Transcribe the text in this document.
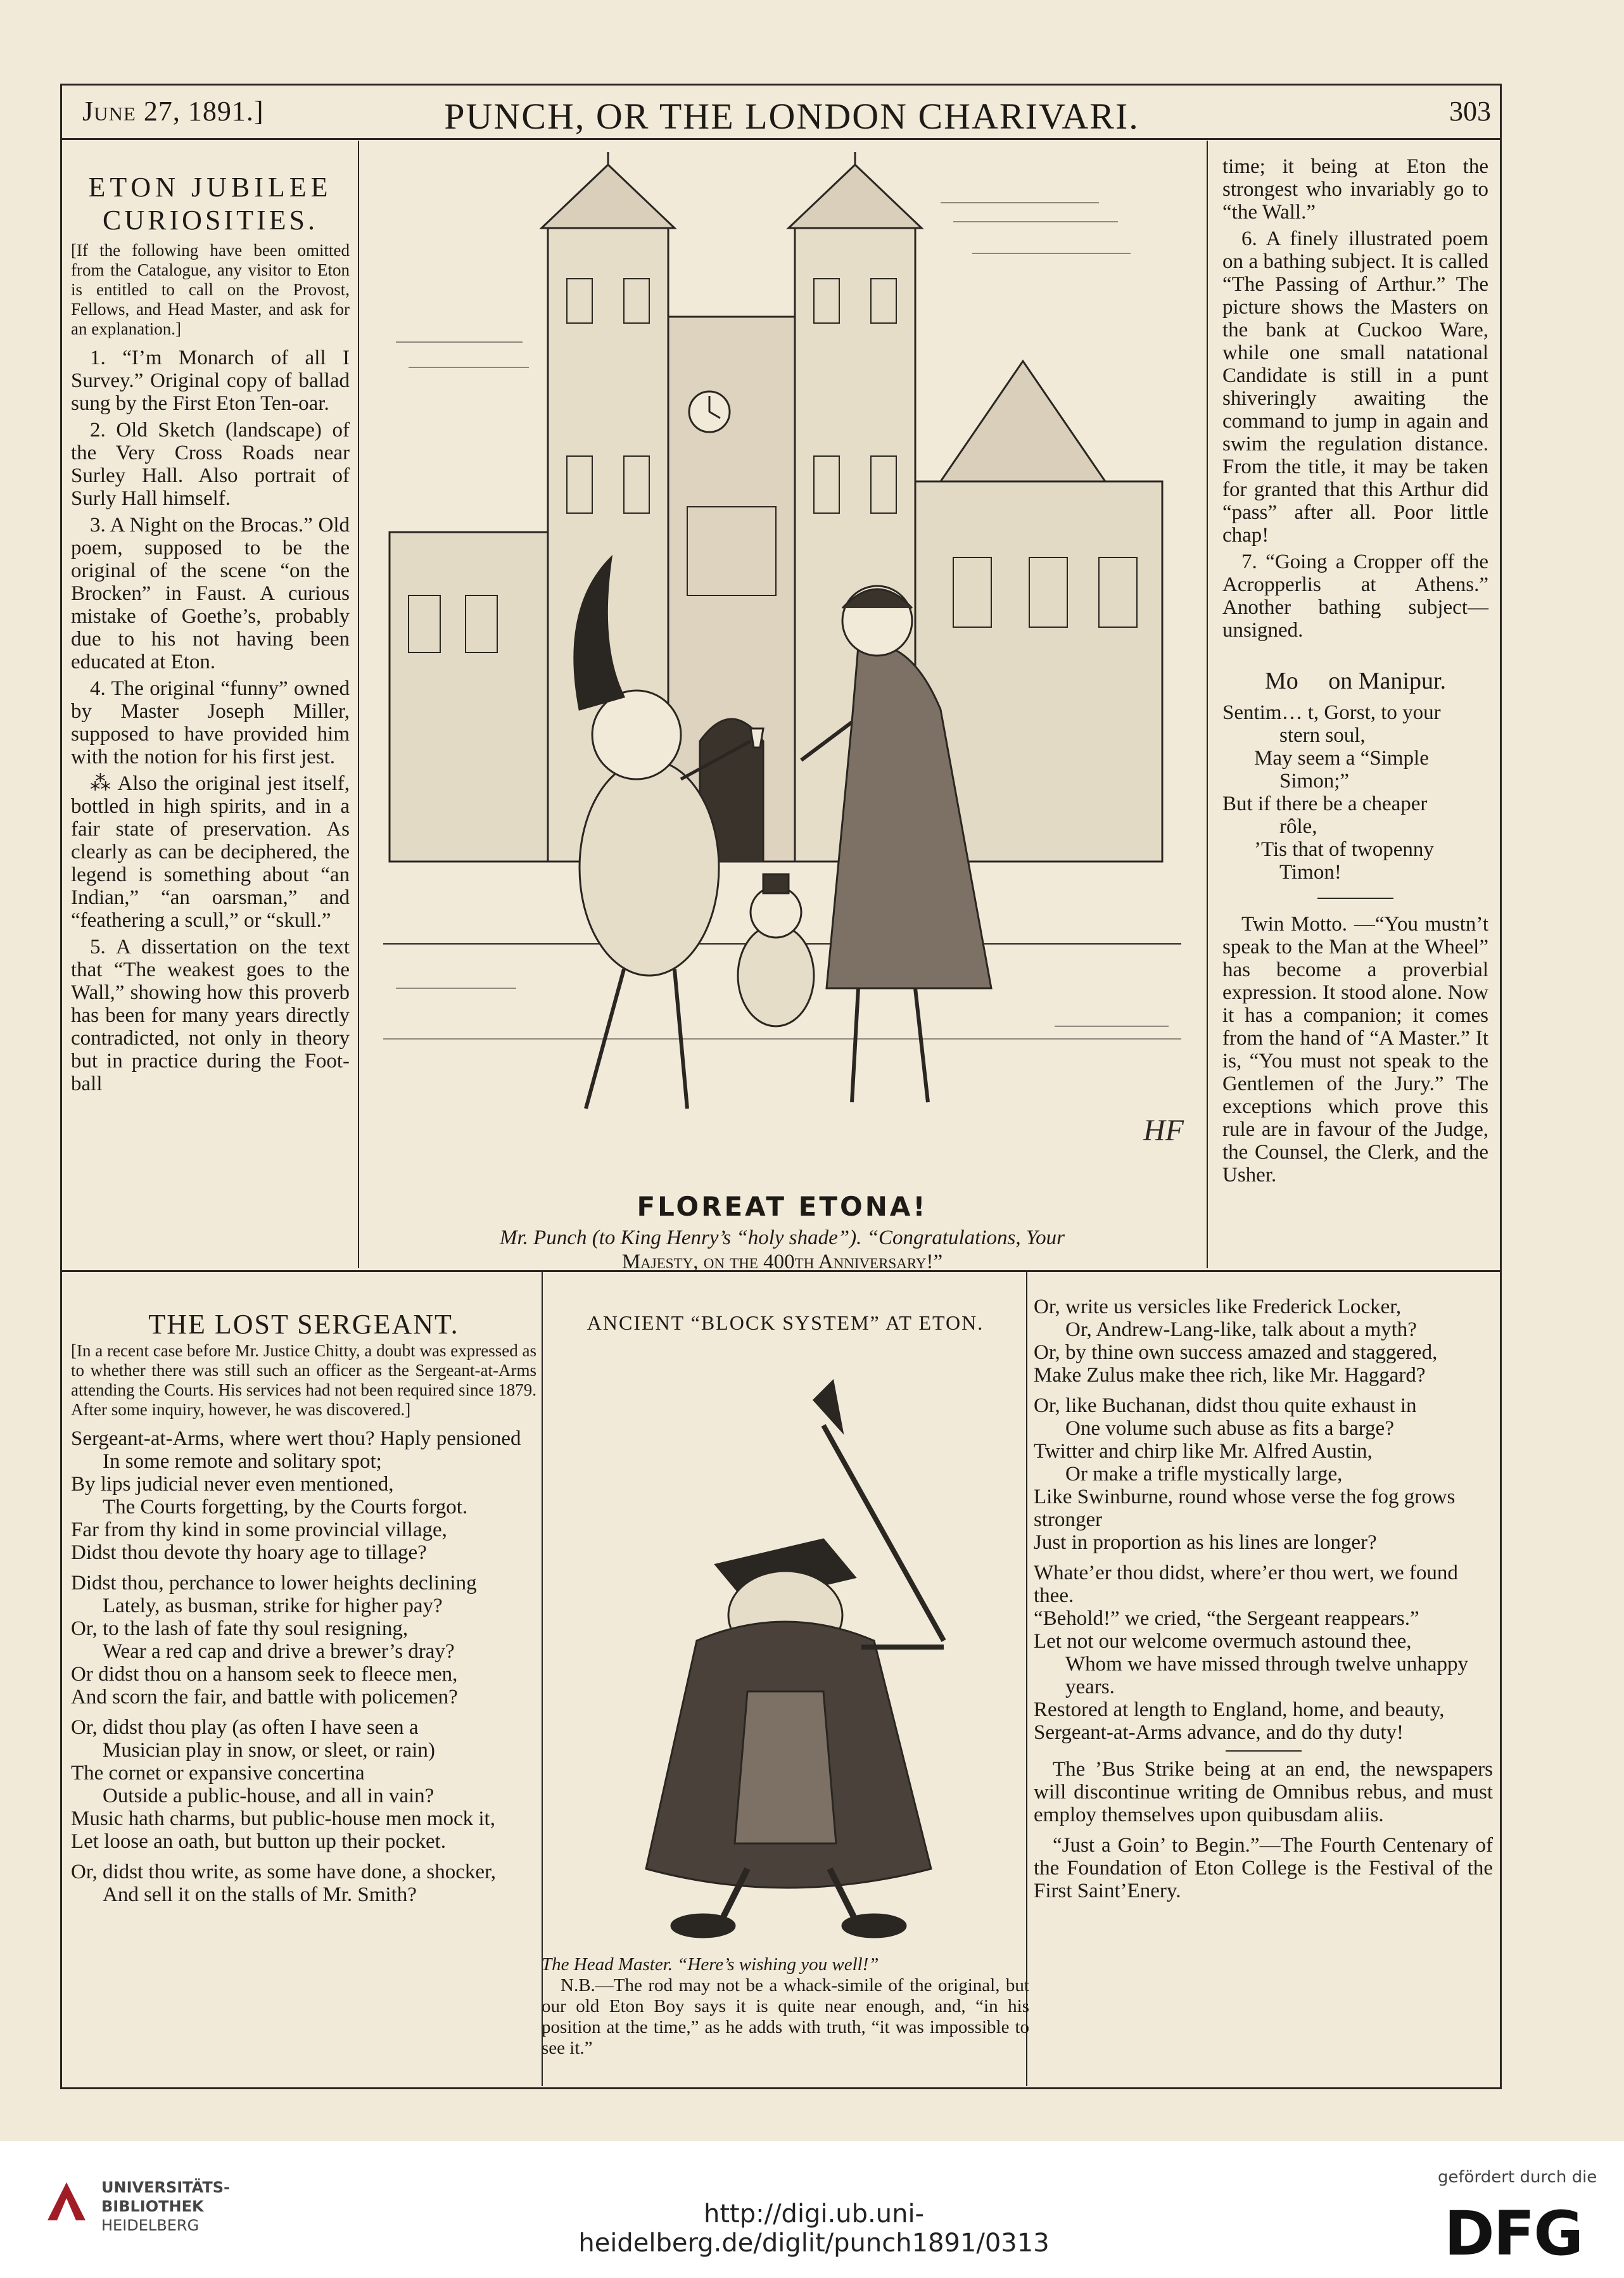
June 27, 1891.]	PUNCH, OR THE LONDON CHARIVARI.	303

ETON JUBILEE

CURIOSITIES.

[If the following have been omitted from the Catalogue, any visitor to Eton is entitled to call on the Provost, Fellows, and Head Master, and ask for an explanation.]

1. “I’m Monarch of all I Survey.” Original copy of ballad sung by the First Eton Ten-oar.

2. Old Sketch (landscape) of the Very Cross Roads near Surley Hall. Also portrait of Surly Hall himself.

3. A Night on the Brocas.” Old poem, supposed to be the original of the scene “on the Brocken” in Faust. A curious mistake of Goethe’s, probably due to his not having been educated at Eton.

4. The original “funny” owned by Master Joseph Miller, supposed to have provided him with the notion for his first jest.

⁂ Also the original jest itself, bottled in high spirits, and in a fair state of preservation. As clearly as can be deciphered, the legend is something about “an Indian,” “an oarsman,” and “feathering a scull,” or “skull.”

5. A dissertation on the text that “The weakest goes to the Wall,” showing how this proverb has been for many years directly contradicted, not only in theory but in practice during the Foot-ball

HF
FLOREAT ETONA!
Mr. Punch (to King Henry’s “holy shade”). “Congratulations, Your
Majesty, on the 400th Anniversary!”

time; it being at Eton the strongest who invariably go to “the Wall.”

6. A finely illustrated poem on a bathing subject. It is called “The Passing of Arthur.” The picture shows the Masters on the bank at Cuckoo Ware, while one small natational Candidate is still in a punt shiveringly awaiting the command to jump in again and swim the regulation distance. From the title, it may be taken for granted that this Arthur did “pass” after all. Poor little chap!

7. “Going a Cropper off the Acropperlis at Athens.” Another bathing subject—unsigned.

Mo     on Manipur.

Sentim… t, Gorst, to your

stern soul,

May seem a “Simple

Simon;”

But if there be a cheaper

rôle,

’Tis that of twopenny

Timon!

Twin Motto. —“You mustn’t speak to the Man at the Wheel” has become a proverbial expression. It stood alone. Now it has a companion; it comes from the hand of “A Master.” It is, “You must not speak to the Gentlemen of the Jury.” The exceptions which prove this rule are in favour of the Judge, the Counsel, the Clerk, and the Usher.

THE LOST SERGEANT.

[In a recent case before Mr. Justice Chitty, a doubt was expressed as to whether there was still such an officer as the Sergeant-at-Arms attending the Courts. His services had not been required since 1879. After some inquiry, however, he was discovered.]

Sergeant-at-Arms, where wert thou? Haply pensioned

In some remote and solitary spot;

By lips judicial never even mentioned,

The Courts forgetting, by the Courts forgot.

Far from thy kind in some provincial village,

Didst thou devote thy hoary age to tillage?

Didst thou, perchance to lower heights declining

Lately, as busman, strike for higher pay?

Or, to the lash of fate thy soul resigning,

Wear a red cap and drive a brewer’s dray?

Or didst thou on a hansom seek to fleece men,

And scorn the fair, and battle with policemen?

Or, didst thou play (as often I have seen a

Musician play in snow, or sleet, or rain)

The cornet or expansive concertina

Outside a public-house, and all in vain?

Music hath charms, but public-house men mock it,

Let loose an oath, but button up their pocket.

Or, didst thou write, as some have done, a shocker,

And sell it on the stalls of Mr. Smith?

ANCIENT “BLOCK SYSTEM” AT ETON.

The Head Master. “Here’s wishing you well!”

N.B.—The rod may not be a whack-simile of the original, but our old Eton Boy says it is quite near enough, and, “in his position at the time,” as he adds with truth, “it was impossible to see it.”

Or, write us versicles like Frederick Locker,

Or, Andrew-Lang-like, talk about a myth?

Or, by thine own success amazed and staggered,

Make Zulus make thee rich, like Mr. Haggard?

Or, like Buchanan, didst thou quite exhaust in

One volume such abuse as fits a barge?

Twitter and chirp like Mr. Alfred Austin,

Or make a trifle mystically large,

Like Swinburne, round whose verse the fog grows stronger

Just in proportion as his lines are longer?

Whate’er thou didst, where’er thou wert, we found thee.

“Behold!” we cried, “the Sergeant reappears.”

Let not our welcome overmuch astound thee,

Whom we have missed through twelve unhappy years.

Restored at length to England, home, and beauty,

Sergeant-at-Arms advance, and do thy duty!

The ’Bus Strike being at an end, the newspapers will discontinue writing de Omnibus rebus, and must employ themselves upon quibusdam aliis.

“Just a Goin’ to Begin.”—The Fourth Centenary of the Foundation of Eton College is the Festival of the First Saint’Enery.

UNIVERSITÄTS-
BIBLIOTHEK
HEIDELBERG	http://digi.ub.uni-heidelberg.de/diglit/punch1891/0313
gefördert durch die
DFG
